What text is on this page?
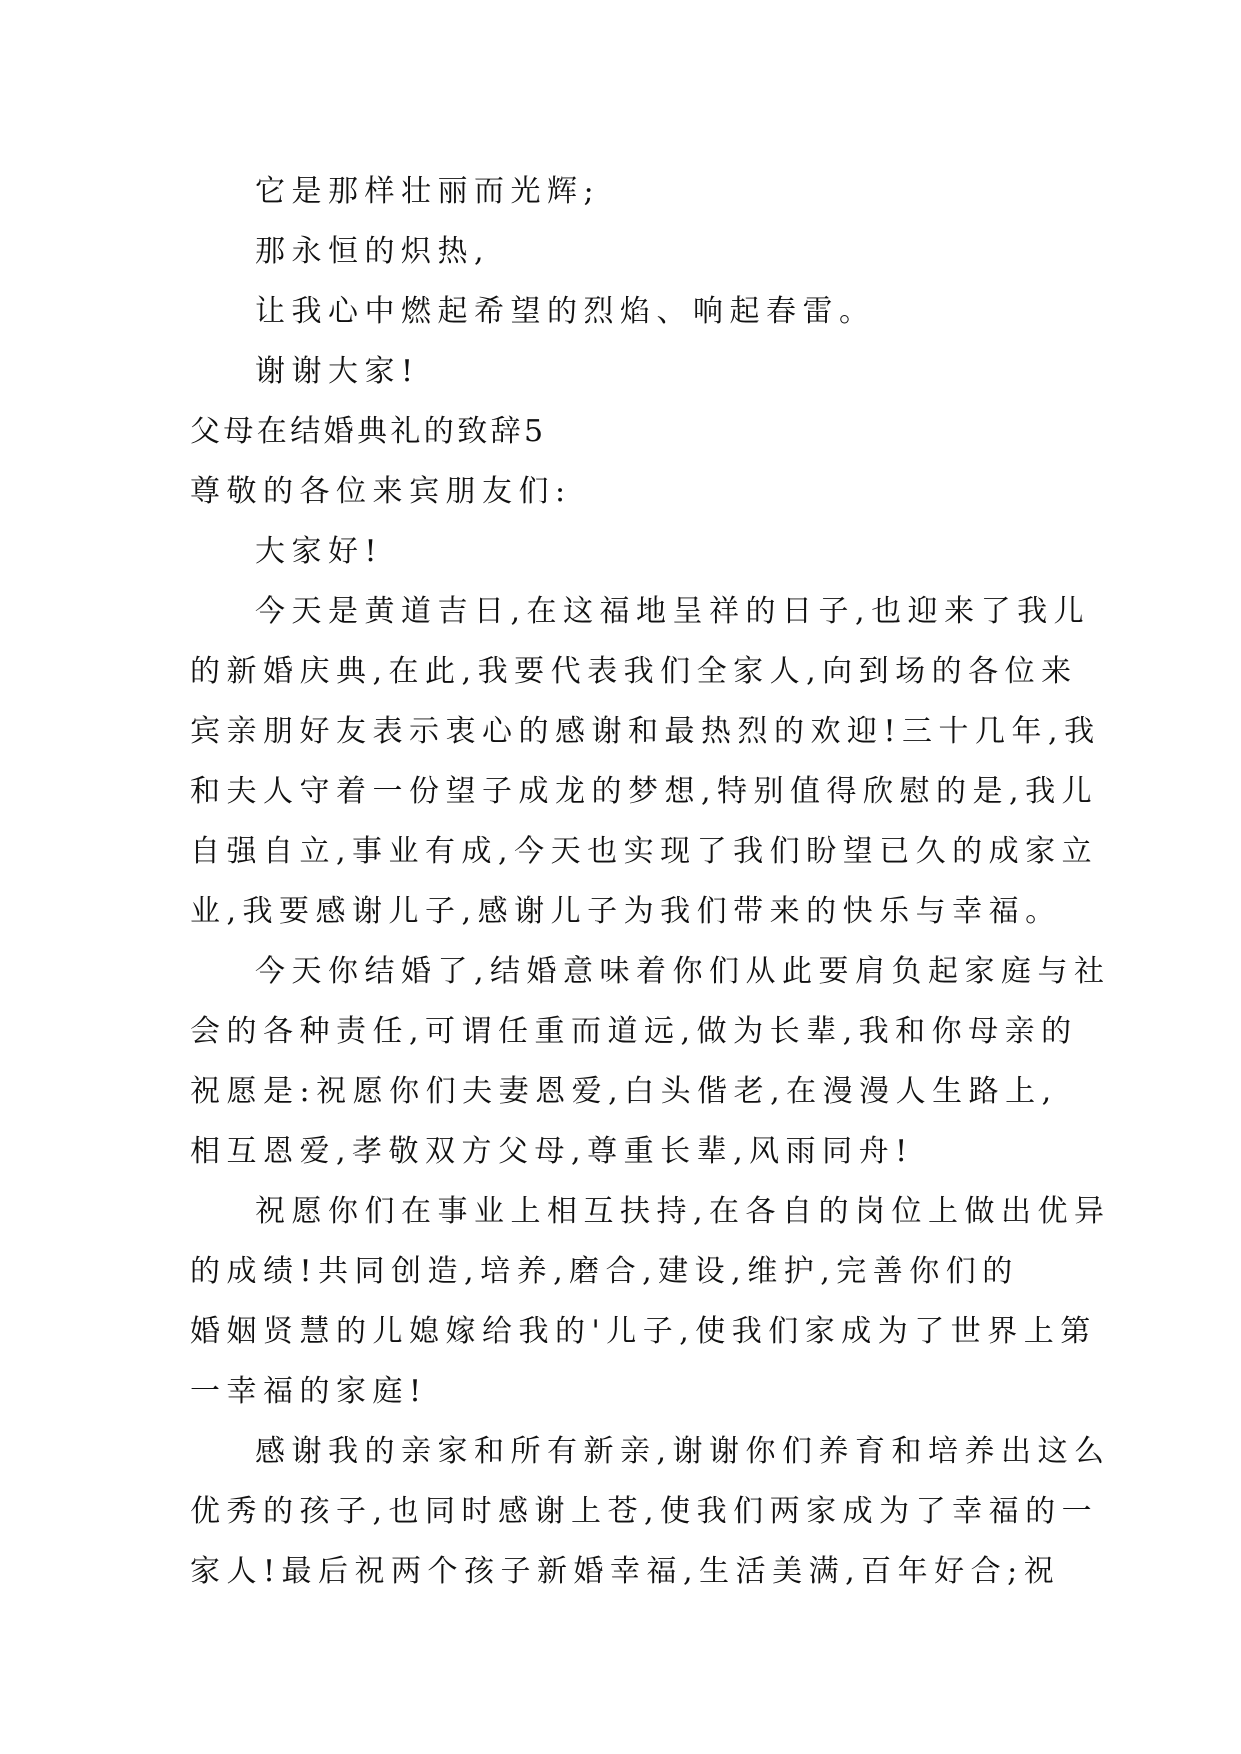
它是那样壮丽而光辉;
那永恒的炽热,
让我心中燃起希望的烈焰、响起春雷。
谢谢大家!
父母在结婚典礼的致辞5
尊敬的各位来宾朋友们:
大家好!
今天是黄道吉日,在这福地呈祥的日子,也迎来了我儿
的新婚庆典,在此,我要代表我们全家人,向到场的各位来
宾亲朋好友表示衷心的感谢和最热烈的欢迎!三十几年,我
和夫人守着一份望子成龙的梦想,特别值得欣慰的是,我儿
自强自立,事业有成,今天也实现了我们盼望已久的成家立
业,我要感谢儿子,感谢儿子为我们带来的快乐与幸福。
今天你结婚了,结婚意味着你们从此要肩负起家庭与社
会的各种责任,可谓任重而道远,做为长辈,我和你母亲的
祝愿是:祝愿你们夫妻恩爱,白头偕老,在漫漫人生路上,
相互恩爱,孝敬双方父母,尊重长辈,风雨同舟!
祝愿你们在事业上相互扶持,在各自的岗位上做出优异
的成绩!共同创造,培养,磨合,建设,维护,完善你们的
婚姻贤慧的儿媳嫁给我的'儿子,使我们家成为了世界上第
一幸福的家庭!
感谢我的亲家和所有新亲,谢谢你们养育和培养出这么
优秀的孩子,也同时感谢上苍,使我们两家成为了幸福的一
家人!最后祝两个孩子新婚幸福,生活美满,百年好合;祝
